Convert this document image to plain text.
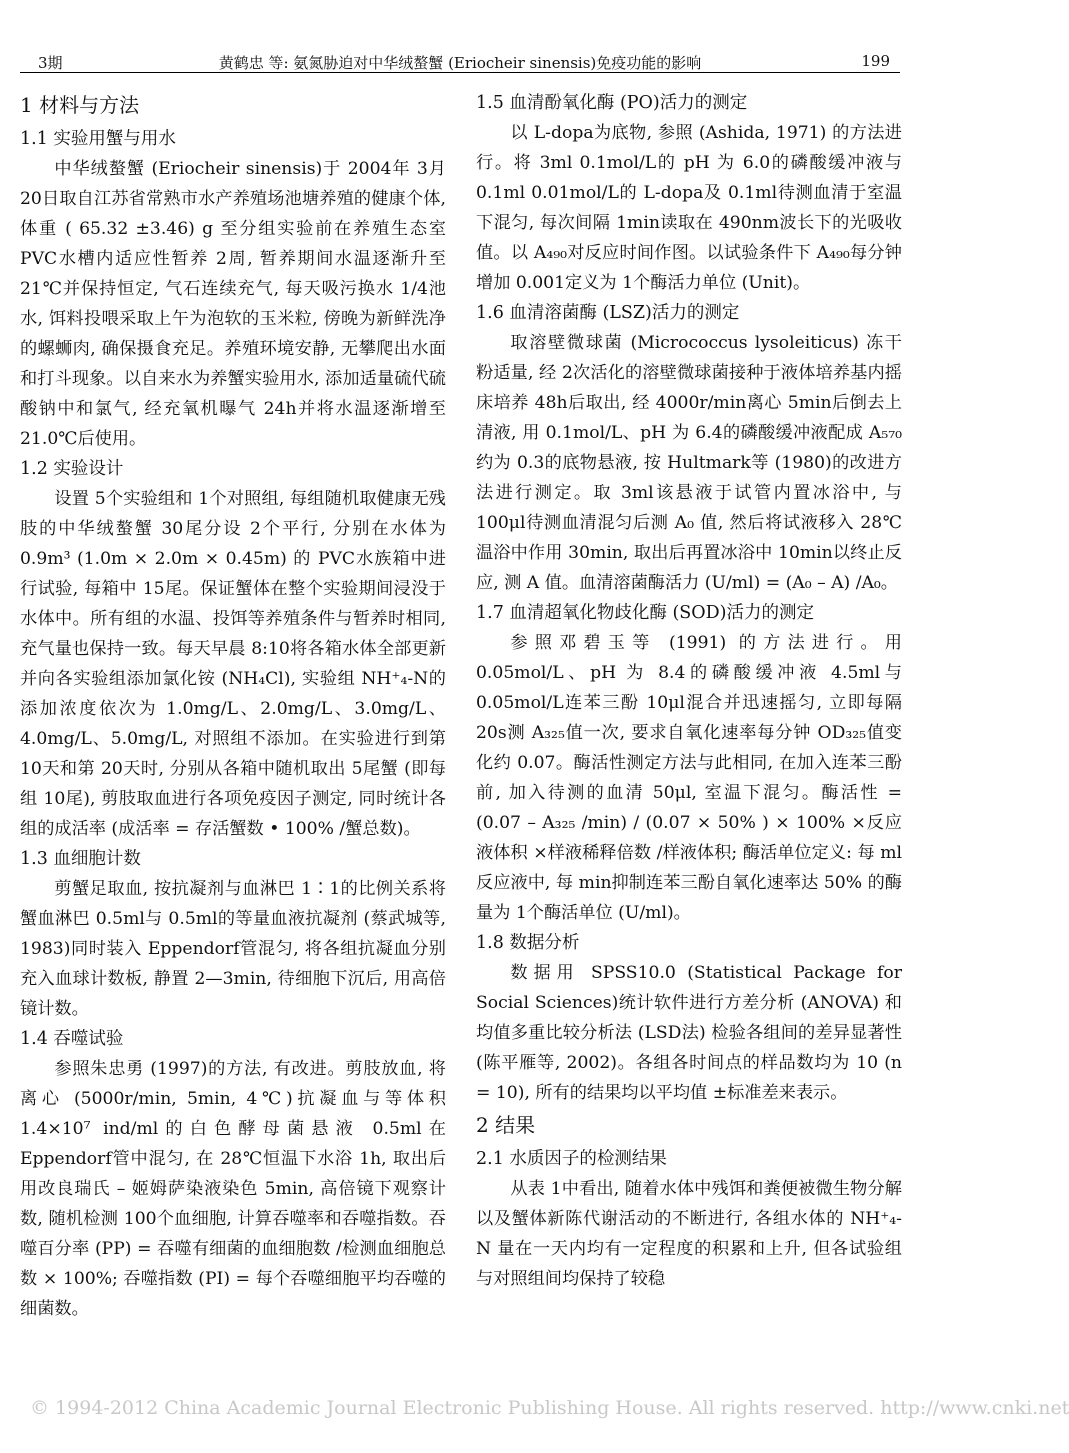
3期	黄鹤忠 等: 氨氮胁迫对中华绒螯蟹 (Eriocheir sinensis)免疫功能的影响	199
1 材料与方法
1.1 实验用蟹与用水

中华绒螯蟹 (Eriocheir sinensis)于 2004年 3月 20日取自江苏省常熟市水产养殖场池塘养殖的健康个体, 体重 ( 65.32 ±3.46) g 至分组实验前在养殖生态室 PVC水槽内适应性暂养 2周, 暂养期间水温逐渐升至 21℃并保持恒定, 气石连续充气, 每天吸污换水 1/4池水, 饵料投喂采取上午为泡软的玉米粒, 傍晚为新鲜洗净的螺蛳肉, 确保摄食充足。养殖环境安静, 无攀爬出水面和打斗现象。以自来水为养蟹实验用水, 添加适量硫代硫酸钠中和氯气, 经充氧机曝气 24h并将水温逐渐增至 21.0℃后使用。

1.2 实验设计

设置 5个实验组和 1个对照组, 每组随机取健康无残肢的中华绒螯蟹 30尾分设 2个平行, 分别在水体为 0.9m³ (1.0m × 2.0m × 0.45m) 的 PVC水族箱中进行试验, 每箱中 15尾。保证蟹体在整个实验期间浸没于水体中。所有组的水温、投饵等养殖条件与暂养时相同, 充气量也保持一致。每天早晨 8:10将各箱水体全部更新并向各实验组添加氯化铵 (NH₄Cl), 实验组 NH⁺₄-N的添加浓度依次为 1.0mg/L、2.0mg/L、3.0mg/L、4.0mg/L、5.0mg/L, 对照组不添加。在实验进行到第 10天和第 20天时, 分别从各箱中随机取出 5尾蟹 (即每组 10尾), 剪肢取血进行各项免疫因子测定, 同时统计各组的成活率 (成活率 = 存活蟹数 • 100% /蟹总数)。

1.3 血细胞计数

剪蟹足取血, 按抗凝剂与血淋巴 1∶1的比例关系将蟹血淋巴 0.5ml与 0.5ml的等量血液抗凝剂 (蔡武城等, 1983)同时装入 Eppendorf管混匀, 将各组抗凝血分别充入血球计数板, 静置 2—3min, 待细胞下沉后, 用高倍镜计数。

1.4 吞噬试验

参照朱忠勇 (1997)的方法, 有改进。剪肢放血, 将离心 (5000r/min, 5min, 4℃)抗凝血与等体积 1.4×10⁷ ind/ml的白色酵母菌悬液 0.5ml在 Eppendorf管中混匀, 在 28℃恒温下水浴 1h, 取出后用改良瑞氏 – 姬姆萨染液染色 5min, 高倍镜下观察计数, 随机检测 100个血细胞, 计算吞噬率和吞噬指数。吞噬百分率 (PP) = 吞噬有细菌的血细胞数 /检测血细胞总数 × 100%; 吞噬指数 (PI) = 每个吞噬细胞平均吞噬的细菌数。

1.5 血清酚氧化酶 (PO)活力的测定

以 L-dopa为底物, 参照 (Ashida, 1971) 的方法进行。将 3ml 0.1mol/L的 pH 为 6.0的磷酸缓冲液与 0.1ml 0.01mol/L的 L-dopa及 0.1ml待测血清于室温下混匀, 每次间隔 1min读取在 490nm波长下的光吸收值。以 A₄₉₀对反应时间作图。以试验条件下 A₄₉₀每分钟增加 0.001定义为 1个酶活力单位 (Unit)。

1.6 血清溶菌酶 (LSZ)活力的测定

取溶壁微球菌 (Micrococcus lysoleiticus) 冻干粉适量, 经 2次活化的溶壁微球菌接种于液体培养基内摇床培养 48h后取出, 经 4000r/min离心 5min后倒去上清液, 用 0.1mol/L、pH 为 6.4的磷酸缓冲液配成 A₅₇₀约为 0.3的底物悬液, 按 Hultmark等 (1980)的改进方法进行测定。取 3ml该悬液于试管内置冰浴中, 与 100μl待测血清混匀后测 A₀ 值, 然后将试液移入 28℃温浴中作用 30min, 取出后再置冰浴中 10min以终止反应, 测 A 值。血清溶菌酶活力 (U/ml) = (A₀ – A) /A₀。

1.7 血清超氧化物歧化酶 (SOD)活力的测定

参照邓碧玉等 (1991) 的方法进行。用 0.05mol/L、pH 为 8.4的磷酸缓冲液 4.5ml与 0.05mol/L连苯三酚 10μl混合并迅速摇匀, 立即每隔 20s测 A₃₂₅值一次, 要求自氧化速率每分钟 OD₃₂₅值变化约 0.07。酶活性测定方法与此相同, 在加入连苯三酚前, 加入待测的血清 50μl, 室温下混匀。酶活性 = (0.07 – A₃₂₅ /min) / (0.07 × 50% ) × 100% ×反应液体积 ×样液稀释倍数 /样液体积; 酶活单位定义: 每 ml反应液中, 每 min抑制连苯三酚自氧化速率达 50% 的酶量为 1个酶活单位 (U/ml)。

1.8 数据分析

数据用 SPSS10.0 (Statistical Package for Social Sciences)统计软件进行方差分析 (ANOVA) 和均值多重比较分析法 (LSD法) 检验各组间的差异显著性 (陈平雁等, 2002)。各组各时间点的样品数均为 10 (n = 10), 所有的结果均以平均值 ±标准差来表示。

2 结果
2.1 水质因子的检测结果

从表 1中看出, 随着水体中残饵和粪便被微生物分解以及蟹体新陈代谢活动的不断进行, 各组水体的 NH⁺₄-N 量在一天内均有一定程度的积累和上升, 但各试验组与对照组间均保持了较稳

© 1994-2012 China Academic Journal Electronic Publishing House. All rights reserved. http://www.cnki.net
